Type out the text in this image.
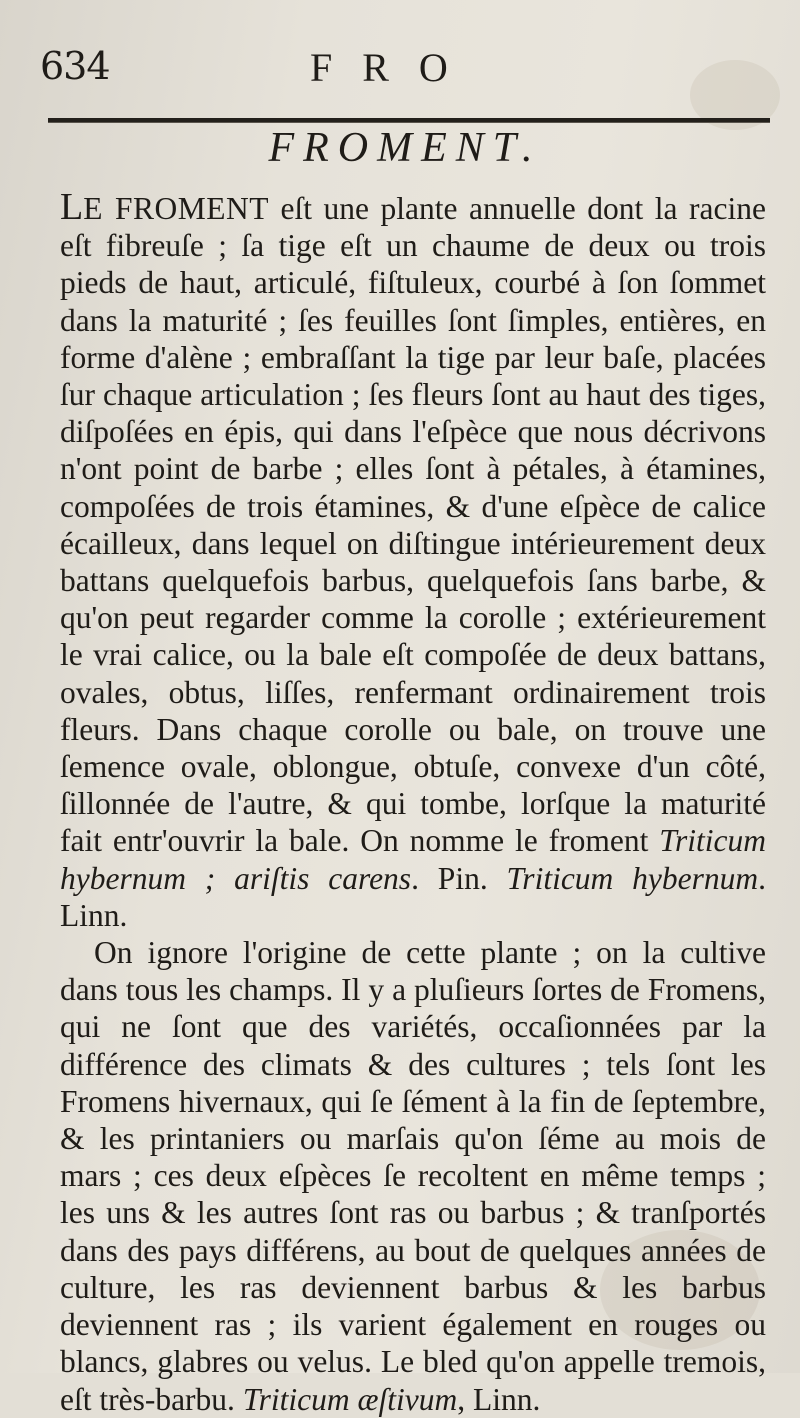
634	F R O
FROMENT.

LE FROMENT eſt une plante annuelle dont la racine eſt fibreuſe ; ſa tige eſt un chaume de deux ou trois pieds de haut, articulé, fiſtuleux, courbé à ſon ſommet dans la maturité ; ſes feuilles ſont ſimples, entières, en forme d'alène ; embraſſant la tige par leur baſe, placées ſur chaque articulation ; ſes fleurs ſont au haut des tiges, diſpoſées en épis, qui dans l'eſpèce que nous décrivons n'ont point de barbe ; elles ſont à pétales, à étamines, compoſées de trois étamines, & d'une eſpèce de calice écailleux, dans lequel on diſtingue intérieurement deux battans quelquefois barbus, quelquefois ſans barbe, & qu'on peut regarder comme la corolle ; extérieurement le vrai calice, ou la bale eſt compoſée de deux battans, ovales, obtus, liſſes, renfermant ordinairement trois fleurs. Dans chaque corolle ou bale, on trouve une ſemence ovale, oblongue, obtuſe, convexe d'un côté, ſillonnée de l'autre, & qui tombe, lorſque la maturité fait entr'ouvrir la bale. On nomme le froment Triticum hybernum ; ariſtis carens. Pin. Triticum hybernum. Linn.

On ignore l'origine de cette plante ; on la cultive dans tous les champs. Il y a pluſieurs ſortes de Fromens, qui ne ſont que des variétés, occaſionnées par la différence des climats & des cultures ; tels ſont les Fromens hivernaux, qui ſe ſément à la fin de ſeptembre, & les printaniers ou marſais qu'on ſéme au mois de mars ; ces deux eſpèces ſe recoltent en même temps ; les uns & les autres ſont ras ou barbus ; & tranſportés dans des pays différens, au bout de quelques années de culture, les ras deviennent barbus & les barbus deviennent ras ; ils varient également en rouges ou blancs, glabres ou velus. Le bled qu'on appelle tremois, eſt très-barbu. Triticum æſtivum, Linn.
